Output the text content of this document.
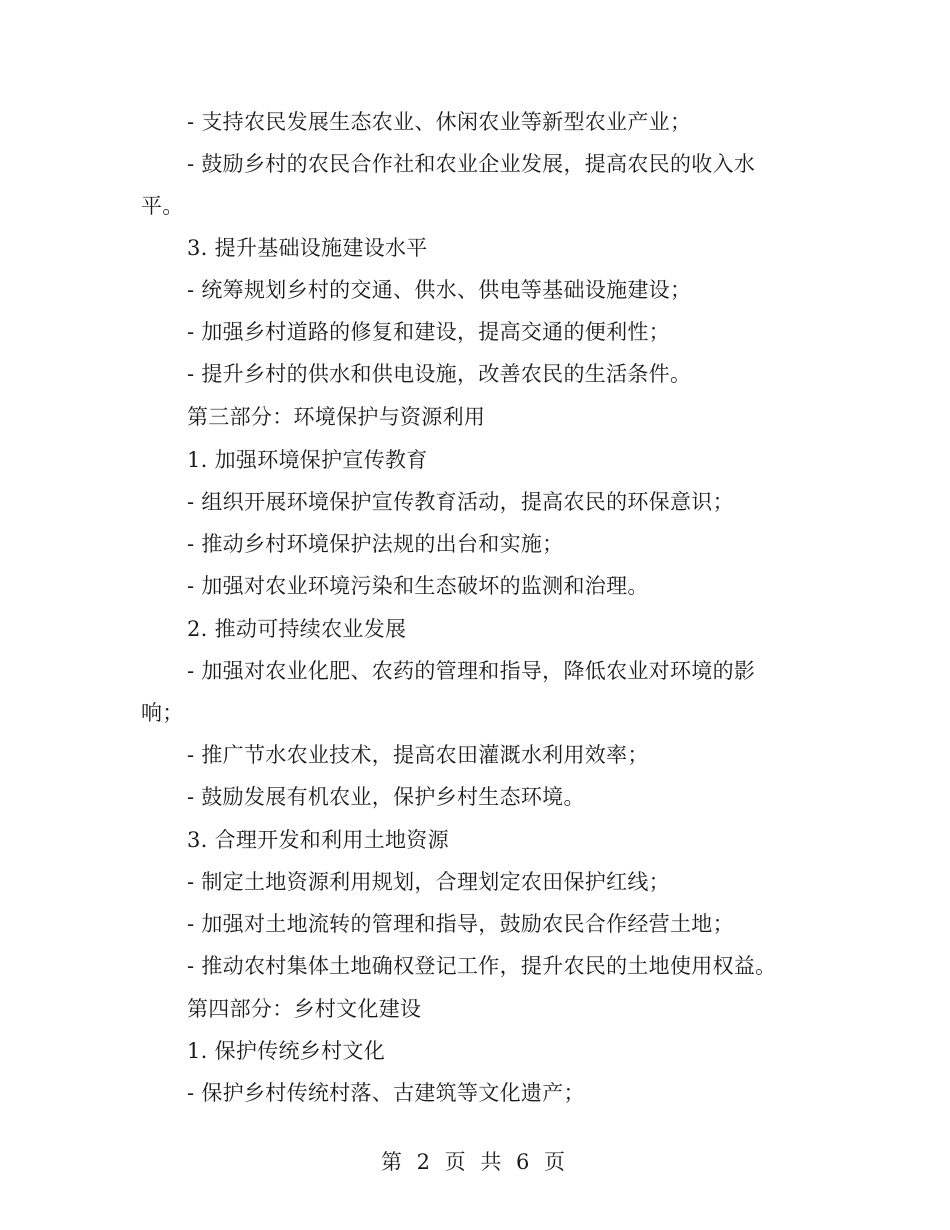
- 支持农民发展生态农业、休闲农业等新型农业产业；
- 鼓励乡村的农民合作社和农业企业发展，提高农民的收入水
平。
3. 提升基础设施建设水平
- 统筹规划乡村的交通、供水、供电等基础设施建设；
- 加强乡村道路的修复和建设，提高交通的便利性；
- 提升乡村的供水和供电设施，改善农民的生活条件。
第三部分：环境保护与资源利用
1. 加强环境保护宣传教育
- 组织开展环境保护宣传教育活动，提高农民的环保意识；
- 推动乡村环境保护法规的出台和实施；
- 加强对农业环境污染和生态破坏的监测和治理。
2. 推动可持续农业发展
- 加强对农业化肥、农药的管理和指导，降低农业对环境的影
响；
- 推广节水农业技术，提高农田灌溉水利用效率；
- 鼓励发展有机农业，保护乡村生态环境。
3. 合理开发和利用土地资源
- 制定土地资源利用规划，合理划定农田保护红线；
- 加强对土地流转的管理和指导，鼓励农民合作经营土地；
- 推动农村集体土地确权登记工作，提升农民的土地使用权益。
第四部分：乡村文化建设
1. 保护传统乡村文化
- 保护乡村传统村落、古建筑等文化遗产；
第 2 页 共 6 页
